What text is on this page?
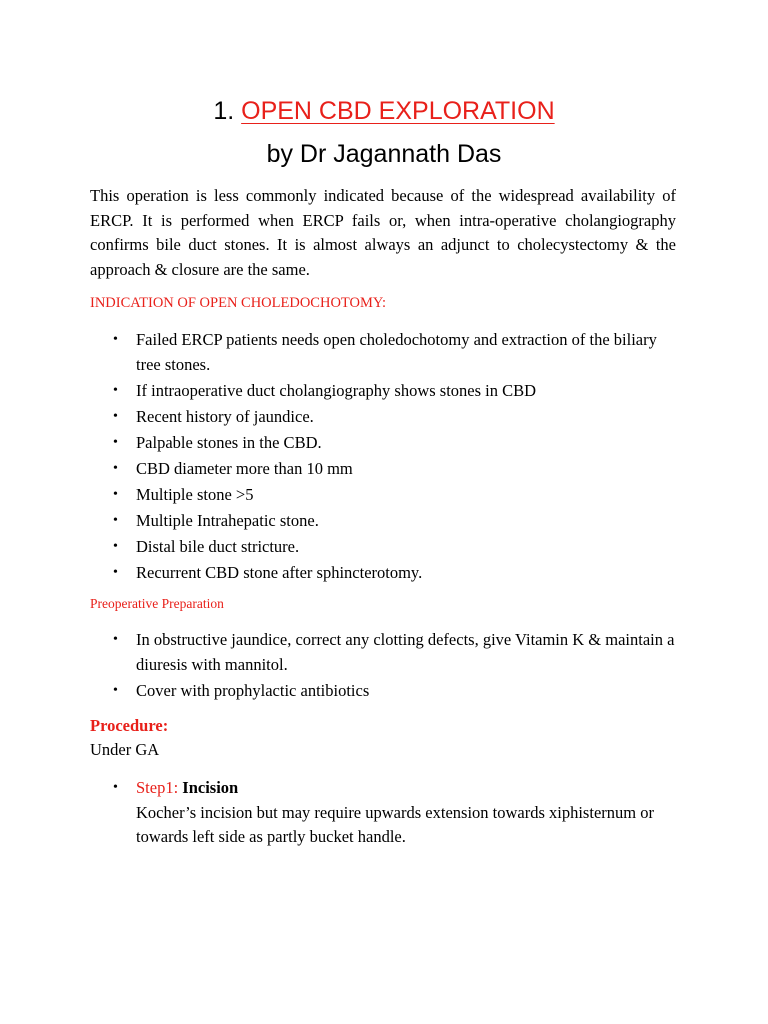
1. OPEN CBD EXPLORATION
by Dr Jagannath Das

This operation is less commonly indicated because of the widespread availability of ERCP. It is performed when ERCP fails or, when intra-operative cholangiography confirms bile duct stones. It is almost always an adjunct to cholecystectomy & the approach & closure are the same.

INDICATION OF OPEN CHOLEDOCHOTOMY:
• Failed ERCP patients needs open choledochotomy and extraction of the biliary tree stones.
• If intraoperative duct cholangiography shows stones in CBD
• Recent history of jaundice.
• Palpable stones in the CBD.
• CBD diameter more than 10 mm
• Multiple stone >5
• Multiple Intrahepatic stone.
• Distal bile duct stricture.
• Recurrent CBD stone after sphincterotomy.
Preoperative Preparation
• In obstructive jaundice, correct any clotting defects, give Vitamin K & maintain a diuresis with mannitol.
• Cover with prophylactic antibiotics
Procedure:

Under GA

• Step1: Incision
Kocher’s incision but may require upwards extension towards xiphisternum or towards left side as partly bucket handle.
